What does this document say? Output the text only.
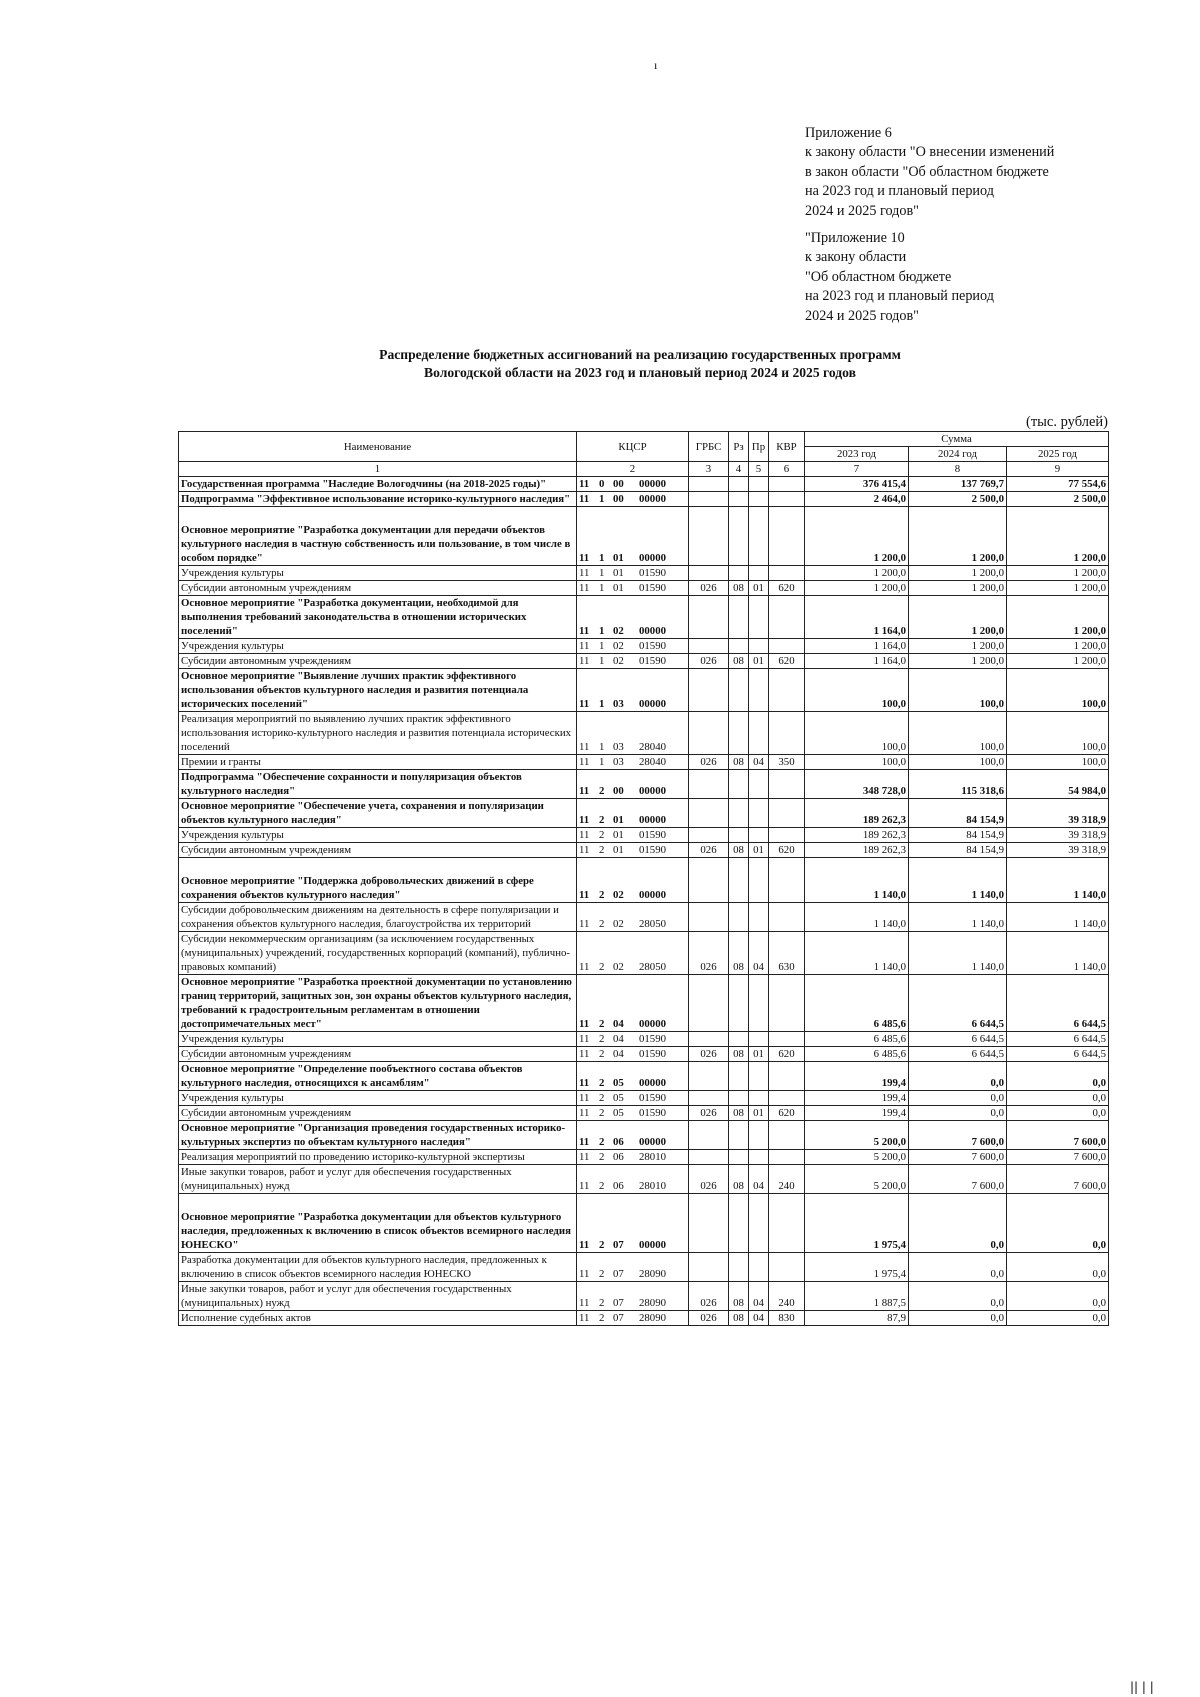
ı

Приложение 6
к закону области "О внесении изменений
в закон области "Об областном бюджете
на 2023 год и плановый период
2024 и 2025 годов"

"Приложение 10
к закону области
"Об областном бюджете
на 2023 год и плановый период
2024 и 2025 годов"

Распределение бюджетных ассигнований на реализацию государственных программ
Вологодской области на 2023 год и плановый период 2024 и 2025 годов
(тыс. рублей)
Наименование	КЦСР	ГРБС	Рз	Пр	КВР	Сумма		
						2023 год	2024 год	2025 год
1	2	3	4	5	6	7	8	9
Государственная программа "Наследие Вологодчины (на 2018-2025 годы)"	11 0 00 00000					376 415,4	137 769,7	77 554,6
Подпрограмма "Эффективное использование историко-культурного наследия"	11 1 00 00000					2 464,0	2 500,0	2 500,0
Основное мероприятие "Разработка документации для передачи объектов культурного наследия в частную собственность или пользование, в том числе в особом порядке"	11 1 01 00000					1 200,0	1 200,0	1 200,0
Учреждения культуры	11 1 01 01590					1 200,0	1 200,0	1 200,0
Субсидии автономным учреждениям	11 1 01 01590	026	08	01	620	1 200,0	1 200,0	1 200,0
Основное мероприятие "Разработка документации, необходимой для выполнения требований законодательства в отношении исторических поселений"	11 1 02 00000					1 164,0	1 200,0	1 200,0
Учреждения культуры	11 1 02 01590					1 164,0	1 200,0	1 200,0
Субсидии автономным учреждениям	11 1 02 01590	026	08	01	620	1 164,0	1 200,0	1 200,0
Основное мероприятие "Выявление лучших практик эффективного использования объектов культурного наследия и развития потенциала исторических поселений"	11 1 03 00000					100,0	100,0	100,0
Реализация мероприятий по выявлению лучших практик эффективного использования историко-культурного наследия и развития потенциала исторических поселений	11 1 03 28040					100,0	100,0	100,0
Премии и гранты	11 1 03 28040	026	08	04	350	100,0	100,0	100,0
Подпрограмма "Обеспечение сохранности и популяризация объектов культурного наследия"	11 2 00 00000					348 728,0	115 318,6	54 984,0
Основное мероприятие "Обеспечение учета, сохранения и популяризации объектов культурного наследия"	11 2 01 00000					189 262,3	84 154,9	39 318,9
Учреждения культуры	11 2 01 01590					189 262,3	84 154,9	39 318,9
Субсидии автономным учреждениям	11 2 01 01590	026	08	01	620	189 262,3	84 154,9	39 318,9
Основное мероприятие "Поддержка добровольческих движений в сфере сохранения объектов культурного наследия"	11 2 02 00000					1 140,0	1 140,0	1 140,0
Субсидии добровольческим движениям на деятельность в сфере популяризации и сохранения объектов культурного наследия, благоустройства их территорий	11 2 02 28050					1 140,0	1 140,0	1 140,0
Субсидии некоммерческим организациям (за исключением государственных (муниципальных) учреждений, государственных корпораций (компаний), публично-правовых компаний)	11 2 02 28050	026	08	04	630	1 140,0	1 140,0	1 140,0
Основное мероприятие "Разработка проектной документации по установлению границ территорий, защитных зон, зон охраны объектов культурного наследия, требований к градостроительным регламентам в отношении достопримечательных мест"	11 2 04 00000					6 485,6	6 644,5	6 644,5
Учреждения культуры	11 2 04 01590					6 485,6	6 644,5	6 644,5
Субсидии автономным учреждениям	11 2 04 01590	026	08	01	620	6 485,6	6 644,5	6 644,5
Основное мероприятие "Определение пообъектного состава объектов культурного наследия, относящихся к ансамблям"	11 2 05 00000					199,4	0,0	0,0
Учреждения культуры	11 2 05 01590					199,4	0,0	0,0
Субсидии автономным учреждениям	11 2 05 01590	026	08	01	620	199,4	0,0	0,0
Основное мероприятие "Организация проведения государственных историко-культурных экспертиз по объектам культурного наследия"	11 2 06 00000					5 200,0	7 600,0	7 600,0
Реализация мероприятий по проведению историко-культурной экспертизы	11 2 06 28010					5 200,0	7 600,0	7 600,0
Иные закупки товаров, работ и услуг для обеспечения государственных (муниципальных) нужд	11 2 06 28010	026	08	04	240	5 200,0	7 600,0	7 600,0
Основное мероприятие "Разработка документации для объектов культурного наследия, предложенных к включению в список объектов всемирного наследия ЮНЕСКО"	11 2 07 00000					1 975,4	0,0	0,0
Разработка документации для объектов культурного наследия, предложенных к включению в список объектов всемирного наследия ЮНЕСКО	11 2 07 28090					1 975,4	0,0	0,0
Иные закупки товаров, работ и услуг для обеспечения государственных (муниципальных) нужд	11 2 07 28090	026	08	04	240	1 887,5	0,0	0,0
Исполнение судебных актов	11 2 07 28090	026	08	04	830	87,9	0,0	0,0
|| | |
